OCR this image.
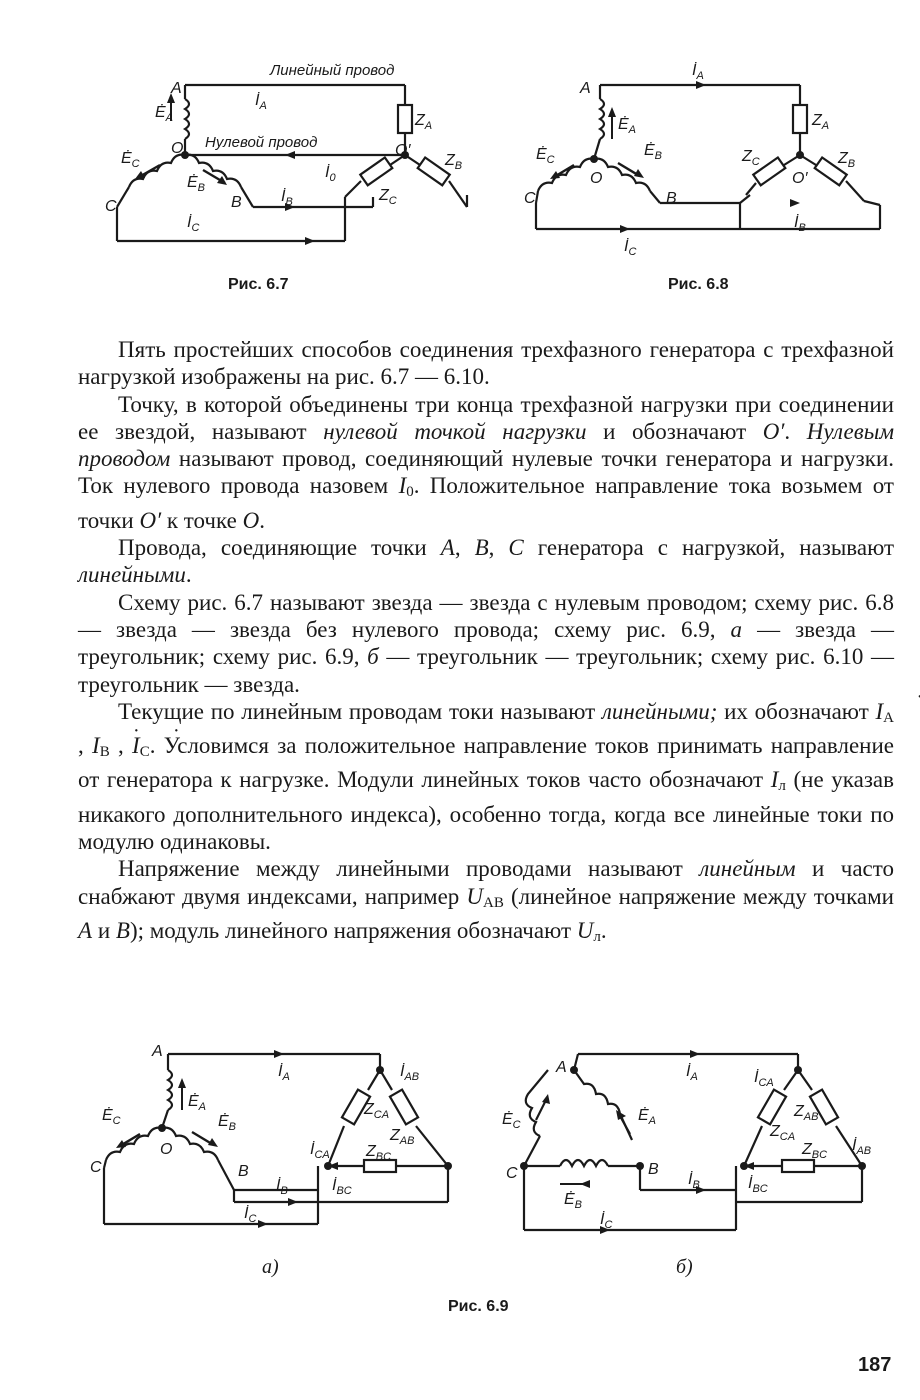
Линейный провод
Нулевой провод
A
O	O′
B
C
$Ė_A$
$Ė_B$
$Ė_C$
$İ_A$
$İ_0$
$İ_B$
$İ_C$
$Z_A$
$Z_C$
$Z_B$
Рис. 6.7
A
O	O′
B
C
$Ė_A$
$Ė_B$
$Ė_C$
$İ_A$
$İ_B$
$İ_C$
$Z_A$
$Z_C$	$Z_B$
Рис. 6.8

Пять простейших способов соединения трехфазного генератора с трехфазной нагрузкой изображены на рис. 6.7 — 6.10.

Точку, в которой объединены три конца трехфазной нагрузки при соединении ее звездой, называют нулевой точкой нагрузки и обозначают O′. Нулевым проводом называют провод, соединяющий нулевые точки генератора и нагрузки. Ток нулевого провода назовем $I_0$. Положительное направление тока возьмем от точки O′ к точке O.

Провода, соединяющие точки A, B, C генератора с нагрузкой, называют линейными.

Схему рис. 6.7 называют звезда — звезда с нулевым проводом; схему рис. 6.8 — звезда — звезда без нулевого провода; схему рис. 6.9, а — звезда — треугольник; схему рис. 6.9, б — треугольник — треугольник; схему рис. 6.10 — треугольник — звезда.

Текущие по линейным проводам токи называют линейными; их обозначают · $I_A$ , · $I_B$ , · $I_C$. Условимся за положительное направление токов принимать направление от генератора к нагрузке. Модули линейных токов часто обозначают $I_л$ (не указав никакого дополнительного индекса), особенно тогда, когда все линейные токи по модулю одинаковы.

Напряжение между линейными проводами называют линейным и часто снабжают двумя индексами, например $U_{AB}$ (линейное напряжение между точками A и B); модуль линейного напряжения обозначают $U_л$.

A
O
B
C
$Ė_A$
$Ė_B$
$Ė_C$
$İ_A$
$İ_B$
$İ_C$
$İ_{AB}$
$İ_{CA}$
$İ_{BC}$
$Z_{CA}$
$Z_{AB}$
$Z_{BC}$
а)
A
B
C
$Ė_A$
$Ė_B$
$Ė_C$
$İ_A$
$İ_B$
$İ_C$
$İ_{AB}$
$İ_{CA}$
$İ_{BC}$
$Z_{CA}$
$Z_{AB}$
$Z_{BC}$
б)
Рис. 6.9
187
